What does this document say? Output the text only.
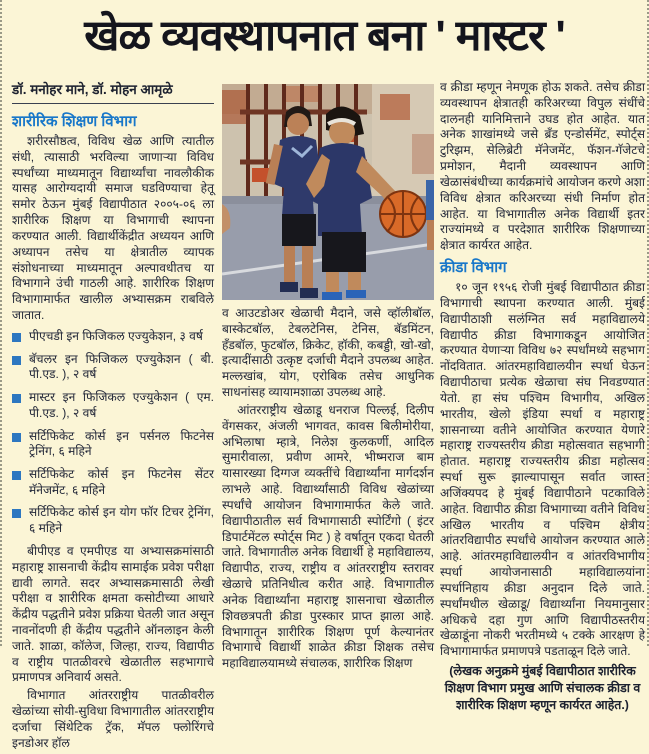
खेळ व्यवस्थापनात बना ' मास्टर '
डॉ. मनोहर माने, डॉ. मोहन आमृळे
शारीरिक शिक्षण विभाग

शरीरसौष्ठत्व, विविध खेळ आणि त्यातील संधी, त्यासाठी भरविल्या जाणाऱ्या विविध स्पर्धांच्या माध्यमातून विद्यार्थ्यांचा नावलौकीक यासह आरोग्यदायी समाज घडविण्याचा हेतू समोर ठेऊन मुंबई विद्यापीठात २००५-०६ ला शारीरिक शिक्षण या विभागाची स्थापना करण्यात आली. विद्यार्थीकेंद्रीत अध्ययन आणि अध्यापन तसेच या क्षेत्रातील व्यापक संशोधनाच्या माध्यमातून अल्पावधीतच या विभागाने उंची गाठली आहे. शारीरिक शिक्षण विभागामार्फत खालील अभ्यासक्रम राबविले जातात.

पीएचडी इन फिजिकल एज्युकेशन, ३ वर्ष
बॅचलर इन फिजिकल एज्युकेशन ( बी. पी.एड. ), २ वर्ष
मास्टर इन फिजिकल एज्युकेशन ( एम. पी.एड. ), २ वर्ष
सर्टिफिकेट कोर्स इन पर्सनल फिटनेस ट्रेनिंग, ६ महिने
सर्टिफिकेट कोर्स इन फिटनेस सेंटर मॅनेजमेंट, ६ महिने
सर्टिफिकेट कोर्स इन योग फॉर टिचर ट्रेनिंग, ६ महिने

बीपीएड व एमपीएड या अभ्यासक्रमांसाठी महाराष्ट्र शासनाची केंद्रीय सामाईक प्रवेश परीक्षा द्यावी लागते. सदर अभ्यासक्रमासाठी लेखी परीक्षा व शारीरिक क्षमता कसोटीच्या आधारे केंद्रीय पद्धतीने प्रवेश प्रक्रिया घेतली जात असून नावनोंदणी ही केंद्रीय पद्धतीने ऑनलाइन केली जाते. शाळा, कॉलेज, जिल्हा, राज्य, विद्यापीठ व राष्ट्रीय पातळीवरचे खेळातील सहभागाचे प्रमाणपत्र अनिवार्य असते.

विभागात आंतरराष्ट्रीय पातळीवरील खेळांच्या सोयी-सुविधा विभागातील आंतरराष्ट्रीय दर्जाचा सिंथेटिक ट्रॅक, मॅपल फ्लोरिंगचे इनडोअर हॉल

व आउटडोअर खेळाची मैदाने, जसे व्हॉलीबॉल, बास्केटबॉल, टेबलटेनिस, टेनिस, बॅडमिंटन, हँडबॉल, फुटबॉल, क्रिकेट, हॉकी, कबड्डी, खो-खो, इत्यादींसाठी उत्कृष्ट दर्जाची मैदाने उपलब्ध आहेत. मल्लखांब, योग, एरोबिक तसेच आधुनिक साधनांसह व्यायामशाळा उपलब्ध आहे.

आंतरराष्ट्रीय खेळाडू धनराज पिल्लई, दिलीप वेंगसकर, अंजली भागवत, कावस बिलीमोरीया, अभिलाषा म्हात्रे, निलेश कुलकर्णी, आदिल सुमारीवाला, प्रवीण आमरे, भीष्मराज बाम यासारख्या दिग्गज व्यक्तींचे विद्यार्थ्यांना मार्गदर्शन लाभले आहे. विद्यार्थ्यांसाठी विविध खेळांच्या स्पर्धांचे आयोजन विभागामार्फत केले जाते. विद्यापीठातील सर्व विभागासाठी स्पोर्टिंगो ( इंटर डिपार्टमेंटल स्पोर्ट्स मिट ) हे वर्षातून एकदा घेतली जाते. विभागातील अनेक विद्यार्थी हे महाविद्यालय, विद्यापीठ, राज्य, राष्ट्रीय व आंतरराष्ट्रीय स्तरावर खेळाचे प्रतिनिधीत्व करीत आहे. विभागातील अनेक विद्यार्थ्यांना महाराष्ट्र शासनाचा खेळातील शिवछत्रपती क्रीडा पुरस्कार प्राप्त झाला आहे. विभागातून शारीरिक शिक्षण पूर्ण केल्यानंतर विभागाचे विद्यार्थी शाळेत क्रीडा शिक्षक तसेच महाविद्यालयामध्ये संचालक, शारीरिक शिक्षण

व क्रीडा म्हणून नेमणूक होऊ शकते. तसेच क्रीडा व्यवस्थापन क्षेत्रातही करिअरच्या विपुल संधींचे दालनही यानिमित्ताने उघड होत आहेत. यात अनेक शाखांमध्ये जसे ब्रँड एन्डोर्समेंट, स्पोर्ट्स टुरिझम, सेलिब्रेटी मॅनेजमेंट, फॅशन-गॅजेटचे प्रमोशन, मैदानी व्यवस्थापन आणि खेळासंबंधीच्या कार्यक्रमांचे आयोजन करणे अशा विविध क्षेत्रात करिअरच्या संधी निर्माण होत आहेत. या विभागातील अनेक विद्यार्थी इतर राज्यांमध्ये व परदेशात शारीरिक शिक्षणाच्या क्षेत्रात कार्यरत आहेत.

क्रीडा विभाग

१० जून १९५६ रोजी मुंबई विद्यापीठात क्रीडा विभागाची स्थापना करण्यात आली. मुंबई विद्यापीठाशी सलंग्नित सर्व महाविद्यालये विद्यापीठ क्रीडा विभागाकडून आयोजित करण्यात येणाऱ्या विविध ७२ स्पर्धांमध्ये सहभाग नोंदवितात. आंतरमहाविद्यालयीन स्पर्धा घेऊन विद्यापीठाचा प्रत्येक खेळाचा संघ निवडण्यात येतो. हा संघ पश्चिम विभागीय, अखिल भारतीय, खेलो इंडिया स्पर्धा व महाराष्ट्र शासनाच्या वतीने आयोजित करण्यात येणारे महाराष्ट्र राज्यस्तरीय क्रीडा महोत्सवात सहभागी होतात. महाराष्ट्र राज्यस्तरीय क्रीडा महोत्सव स्पर्धा सुरू झाल्यापासून सर्वात जास्त अजिंक्यपद हे मुंबई विद्यापीठाने पटकाविले आहेत. विद्यापीठ क्रीडा विभागाच्या वतीने विविध अखिल भारतीय व पश्चिम क्षेत्रीय आंतरविद्यापीठ स्पर्धांचे आयोजन करण्यात आले आहे. आंतरमहाविद्यालयीन व आंतरविभागीय स्पर्धा आयोजनासाठी महाविद्यालयांना स्पर्धानिहाय क्रीडा अनुदान दिले जाते. स्पर्धांमधील खेळाडू/ विद्यार्थ्यांना नियमानुसार अधिकचे दहा गुण आणि विद्यापीठस्तरीय खेळाडूंना नोकरी भरतीमध्ये ५ टक्के आरक्षण हे विभागामार्फत प्रमाणपत्रे पडताळून दिले जाते.

(लेखक अनुक्रमे मुंबई विद्यापीठात शारीरिक शिक्षण विभाग प्रमुख आणि संचालक क्रीडा व शारीरिक शिक्षण म्हणून कार्यरत आहेत.)
